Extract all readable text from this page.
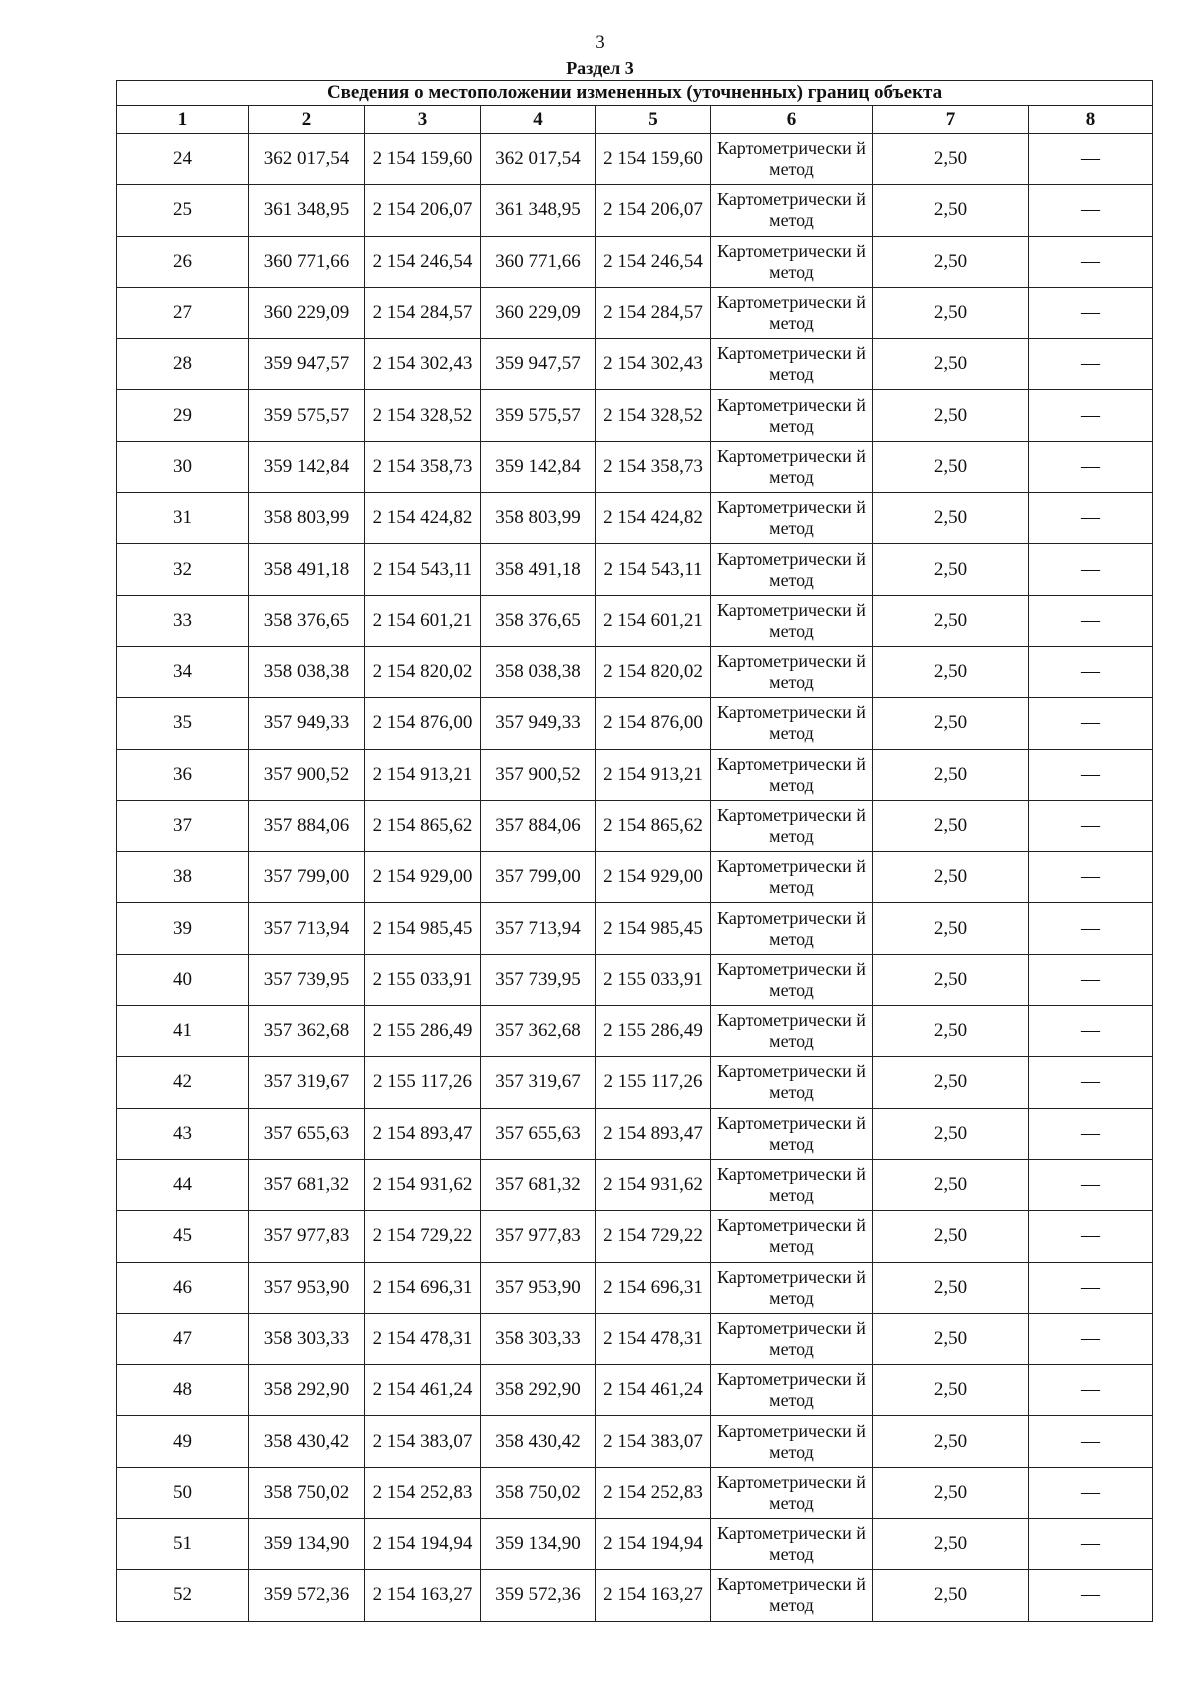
3
Раздел 3
Сведения о местоположении измененных (уточненных) границ объекта							
1	2	3	4	5	6	7	8
24	362 017,54	2 154 159,60	362 017,54	2 154 159,60	Картометрически й метод	2,50	—
25	361 348,95	2 154 206,07	361 348,95	2 154 206,07	Картометрически й метод	2,50	—
26	360 771,66	2 154 246,54	360 771,66	2 154 246,54	Картометрически й метод	2,50	—
27	360 229,09	2 154 284,57	360 229,09	2 154 284,57	Картометрически й метод	2,50	—
28	359 947,57	2 154 302,43	359 947,57	2 154 302,43	Картометрически й метод	2,50	—
29	359 575,57	2 154 328,52	359 575,57	2 154 328,52	Картометрически й метод	2,50	—
30	359 142,84	2 154 358,73	359 142,84	2 154 358,73	Картометрически й метод	2,50	—
31	358 803,99	2 154 424,82	358 803,99	2 154 424,82	Картометрически й метод	2,50	—
32	358 491,18	2 154 543,11	358 491,18	2 154 543,11	Картометрически й метод	2,50	—
33	358 376,65	2 154 601,21	358 376,65	2 154 601,21	Картометрически й метод	2,50	—
34	358 038,38	2 154 820,02	358 038,38	2 154 820,02	Картометрически й метод	2,50	—
35	357 949,33	2 154 876,00	357 949,33	2 154 876,00	Картометрически й метод	2,50	—
36	357 900,52	2 154 913,21	357 900,52	2 154 913,21	Картометрически й метод	2,50	—
37	357 884,06	2 154 865,62	357 884,06	2 154 865,62	Картометрически й метод	2,50	—
38	357 799,00	2 154 929,00	357 799,00	2 154 929,00	Картометрически й метод	2,50	—
39	357 713,94	2 154 985,45	357 713,94	2 154 985,45	Картометрически й метод	2,50	—
40	357 739,95	2 155 033,91	357 739,95	2 155 033,91	Картометрически й метод	2,50	—
41	357 362,68	2 155 286,49	357 362,68	2 155 286,49	Картометрически й метод	2,50	—
42	357 319,67	2 155 117,26	357 319,67	2 155 117,26	Картометрически й метод	2,50	—
43	357 655,63	2 154 893,47	357 655,63	2 154 893,47	Картометрически й метод	2,50	—
44	357 681,32	2 154 931,62	357 681,32	2 154 931,62	Картометрически й метод	2,50	—
45	357 977,83	2 154 729,22	357 977,83	2 154 729,22	Картометрически й метод	2,50	—
46	357 953,90	2 154 696,31	357 953,90	2 154 696,31	Картометрически й метод	2,50	—
47	358 303,33	2 154 478,31	358 303,33	2 154 478,31	Картометрически й метод	2,50	—
48	358 292,90	2 154 461,24	358 292,90	2 154 461,24	Картометрически й метод	2,50	—
49	358 430,42	2 154 383,07	358 430,42	2 154 383,07	Картометрически й метод	2,50	—
50	358 750,02	2 154 252,83	358 750,02	2 154 252,83	Картометрически й метод	2,50	—
51	359 134,90	2 154 194,94	359 134,90	2 154 194,94	Картометрически й метод	2,50	—
52	359 572,36	2 154 163,27	359 572,36	2 154 163,27	Картометрически й метод	2,50	—
